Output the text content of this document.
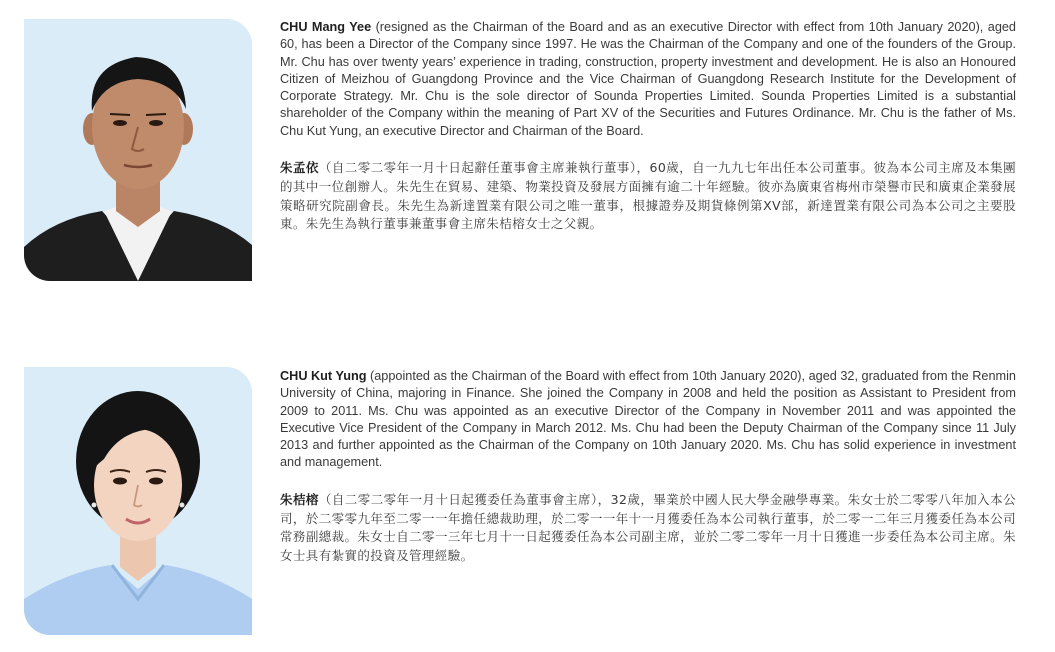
CHU Mang Yee (resigned as the Chairman of the Board and as an executive Director with effect from 10th January 2020), aged 60, has been a Director of the Company since 1997. He was the Chairman of the Company and one of the founders of the Group. Mr. Chu has over twenty years’ experience in trading, construction, property investment and development. He is also an Honoured Citizen of Meizhou of Guangdong Province and the Vice Chairman of Guangdong Research Institute for the Development of Corporate Strategy. Mr. Chu is the sole director of Sounda Properties Limited. Sounda Properties Limited is a substantial shareholder of the Company within the meaning of Part XV of the Securities and Futures Ordinance. Mr. Chu is the father of Ms. Chu Kut Yung, an executive Director and Chairman of the Board.

朱孟依（自二零二零年一月十日起辭任董事會主席兼執行董事），60歲，自一九九七年出任本公司董事。彼為本公司主席及本集團的其中一位創辦人。朱先生在貿易、建築、物業投資及發展方面擁有逾二十年經驗。彼亦為廣東省梅州市榮譽市民和廣東企業發展策略研究院副會長。朱先生為新達置業有限公司之唯一董事，根據證券及期貨條例第XV部，新達置業有限公司為本公司之主要股東。朱先生為執行董事兼董事會主席朱桔榕女士之父親。

CHU Kut Yung (appointed as the Chairman of the Board with effect from 10th January 2020), aged 32, graduated from the Renmin University of China, majoring in Finance. She joined the Company in 2008 and held the position as Assistant to President from 2009 to 2011. Ms. Chu was appointed as an executive Director of the Company in November 2011 and was appointed the Executive Vice President of the Company in March 2012. Ms. Chu had been the Deputy Chairman of the Company since 11 July 2013 and further appointed as the Chairman of the Company on 10th January 2020. Ms. Chu has solid experience in investment and management.

朱桔榕（自二零二零年一月十日起獲委任為董事會主席），32歲，畢業於中國人民大學金融學專業。朱女士於二零零八年加入本公司，於二零零九年至二零一一年擔任總裁助理，於二零一一年十一月獲委任為本公司執行董事，於二零一二年三月獲委任為本公司常務副總裁。朱女士自二零一三年七月十一日起獲委任為本公司副主席，並於二零二零年一月十日獲進一步委任為本公司主席。朱女士具有紮實的投資及管理經驗。
